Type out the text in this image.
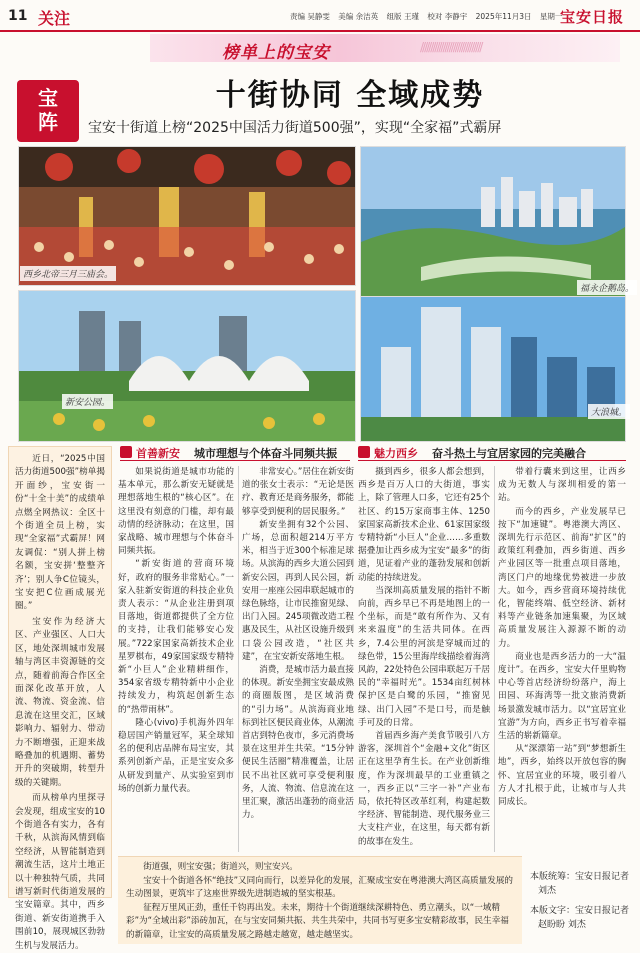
11 关注	责编 吴静雯 美编 余洁英 组版 王瑾 校对 李静宇 2025年11月3日 星期一
宝安日报
//////////////////////////////
榜单上的宝安
宝
阵
十街协同 全域成势
宝安十街道上榜“2025中国活力街道500强”，实现“全家福”式霸屏
西乡北帝三月三庙会。
福永企鹅岛。
新安公园。
大浪城。
首善新安 城市理想与个体奋斗同频共振	魅力西乡 奋斗热土与宜居家园的完美融合

近日，“2025中国活力街道500强”榜单揭开面纱，宝安街一份“十全十美”的成绩单点燃全网热议：全区十个街道全员上榜，实现“全家福”式霸屏！网友调侃：“别人拼上榜名额，宝安拼‘整整齐齐’；别人争C位镜头，宝安把C位画成展光圈。”

宝安作为经济大区、产业强区、人口大区，地处深圳城市发展轴与湾区丰资源链的交点，随着前海合作区全面深化改革开放，人流、物流、资金流、信息流在这里交汇，区域影响力、辐射力、带动力不断增强，正迎来战略叠加的机遇期、蓄势开升的突破期，转型升级的关键期。

而从榜单内里探寻会发现，组成宝安的10个街道各有实力，各有千秋，从滨海风情到临空经济，从智能制造到潮流生活，这片土地正以十种独特气质，共同谱写新时代街道发展的宝安篇章。其中，西乡街道、新安街道携手入围前10，展现城区勃勃生机与发展活力。

如果说街道是城市功能的基本单元，那么新安无疑就是理想落地生根的“核心区”。在这里没有刻意的门槛，却有最动情的经济脉动；在这里，国家战略、城市理想与个体奋斗同频共振。

“新安街道的营商环境好，政府的服务非常贴心。”一家入驻新安街道的科技企业负责人表示：“从企业注册到项目落地，街道都提供了全方位的支持，让我们能够安心发展。”722家国家高新技术企业星罗棋布，49家国家级专精特新“小巨人”企业精耕细作，354家省级专精特新中小企业持续发力，构筑起创新生态的“热带雨林”。

隆心(vivo)手机海外四年稳居国产销量冠军，某全球知名的便利店品牌布局宝安，其系列创新产品，正是宝安众多从研发到量产、从实验室到市场的创新力量代表。

非常安心。”居住在新安街道的张女士表示：“无论是医疗、教育还是商务服务，都能够享受到便利的居民服务。”

新安坐拥有32个公园、广场，总面积超214万平方米，相当于近300个标准足球场。从滨海的西乡大道公园到新安公园，再到人民公园，新安用一座座公园串联起城市的绿色脉络，让市民推窗见绿、出门入园。245项微改造工程惠及民生，从社区设施升级到口袋公园改造，“社区共建”，在宝安新安落地生根。

消费，是城市活力最直接的体现。新安坐拥宝安最成熟的商圈版图，是区域消费的“引力场”。从滨海商业地标到社区便民商业体，从潮流首店到特色夜市，多元消费场景在这里并生共荣。“15分钟便民生活圈”精准覆盖，让居民不出社区就可享受便利服务，人流、物流、信息流在这里汇聚，激活出蓬勃的商业活力。

摄到西乡，很多人都会想到，西乡是百万人口的大街道，事实上，除了管理人口多，它还有25个社区、约15万家商事主体、1250家国家高新技术企业、61家国家级专精特新“小巨人”企业……多重数据叠加让西乡成为宝安“最多”的街道，见证着产业的蓬勃发展和创新动能的持续迸发。

当深圳高质量发展的指针不断向前，西乡早已不再是地图上的一个坐标，而是“敢有所作为、又有来来温度”的生活共同体。在西乡，7.4公里的河滨是穿城而过的绿色带，15公里海岸线描绘着海湾风韵，22处特色公园串联起万千居民的“幸福时光”。1534亩红树林保护区是白鹭的乐园，“推窗见绿、出门入园”不是口号，而是触手可及的日常。

首届西乡海产美食节吸引八方游客，深圳首个“金融+文化”街区正在这里孕育生长。在产业创新维度，作为深圳最早的工业重镇之一，西乡正以“三字一补”产业布局，依托特区改革红利，构建起数字经济、智能制造、现代服务业三大支柱产业，在这里，每天都有新的故事在发生。

带着行囊来到这里，让西乡成为无数人与深圳相爱的第一站。

而今的西乡，产业发展早已按下“加速键”。粤港澳大湾区、深圳先行示范区、前海“扩区”的政策红利叠加，西乡街道、西乡产业园区等一批重点项目落地，湾区门户的地缘优势被进一步放大。如今，西乡营商环境持续优化，智能终端、低空经济、新材料等产业链条加速集聚，为区域高质量发展注入源源不断的动力。

商业也是西乡活力的一大“温度计”。在西乡，宝安大仟里购物中心等首店经济纷纷落户，海上田园、环海湾等一批文旅消费新场景激发城市活力。以“宜居宜业宜游”为方向，西乡正书写着幸福生活的崭新篇章。

从“深漂第一站”到“梦想新生地”，西乡，始终以开放包容的胸怀、宜居宜业的环境，吸引着八方人才扎根于此，让城市与人共同成长。

街道强，则宝安强；街道兴，则宝安兴。

宝安十个街道各怀“绝技”又同向而行，以差异化的发展，汇聚成宝安在粤港澳大湾区高质量发展的生动图景，更筑牢了这座世界级先进制造城的坚实根基。

征程万里风正劲，重任千钧再出发。未来，期待十个街道继续深耕特色、勇立潮头，以“一域精彩”为“全域出彩”添砖加瓦，在与宝安同频共振、共生共荣中，共同书写更多宝安精彩故事，民生幸福的新篇章，让宝安的高质量发展之路越走越宽，越走越坚实。

本版统筹：宝安日报记者
刘杰
本版文字：宝安日报记者
赵盼盼 刘杰
